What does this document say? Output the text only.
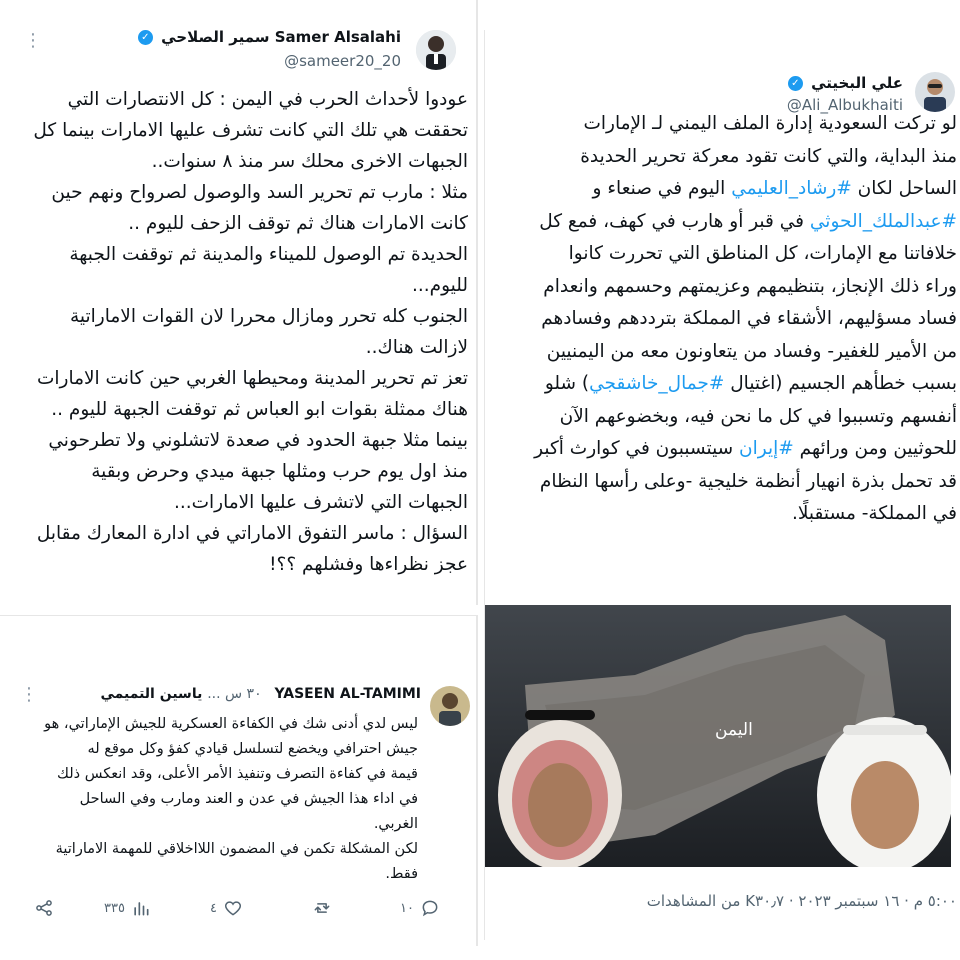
✓ سمير الصلاحي Samer Alsalahi
@sameer20_20
⋮
عودوا لأحداث الحرب في اليمن : كل الانتصارات التي
تحققت هي تلك التي كانت تشرف عليها الامارات بينما كل
الجبهات الاخرى محلك سر منذ ٨ سنوات..
مثلا : مارب تم تحرير السد والوصول لصرواح ونهم حين
كانت الامارات هناك ثم توقف الزحف لليوم ..
الحديدة تم الوصول للميناء والمدينة ثم توقفت الجبهة
لليوم...
الجنوب كله تحرر ومازال محررا لان القوات الاماراتية
لازالت هناك..
تعز تم تحرير المدينة ومحيطها الغربي حين كانت الامارات
هناك ممثلة بقوات ابو العباس ثم توقفت الجبهة لليوم ..
بينما مثلا جبهة الحدود في صعدة لاتشلوني ولا تطرحوني
منذ اول يوم حرب ومثلها جبهة ميدي وحرض وبقية
الجبهات التي لاتشرف عليها الامارات...
السؤال : ماسر التفوق الاماراتي في ادارة المعارك مقابل
عجز نظراءها وفشلهم ؟؟!
٣٠ س ... ياسين التميمي YASEEN AL-TAMIMI
⋮
ليس لدي أدنى شك في الكفاءة العسكرية للجيش الإماراتي، هو
جيش احترافي ويخضع لتسلسل قيادي كفؤ وكل موقع له
قيمة في كفاءة التصرف وتنفيذ الأمر الأعلى، وقد انعكس ذلك
في اداء هذا الجيش في عدن و العند ومارب وفي الساحل
الغربي.
لكن المشكلة تكمن في المضمون اللااخلاقي للمهمة الاماراتية
فقط.
١٠
٤
٣٣٥
✓ علي البخيتي
@Ali_Albukhaiti
لو تركت السعودية إدارة الملف اليمني لـ الإمارات
منذ البداية، والتي كانت تقود معركة تحرير الحديدة
الساحل لكان #رشاد_العليمي اليوم في صنعاء و
#عبدالملك_الحوثي في قبر أو هارب في كهف، فمع كل
خلافاتنا مع الإمارات، كل المناطق التي تحررت كانوا
وراء ذلك الإنجاز، بتنظيمهم وعزيمتهم وحسمهم وانعدام
فساد مسؤليهم، الأشقاء في المملكة بترددهم وفسادهم
من الأمير للغفير- وفساد من يتعاونون معه من اليمنيين
بسبب خطأهم الجسيم (اغتيال #جمال_خاشقجي) شلو
أنفسهم وتسببوا في كل ما نحن فيه، وبخضوعهم الآن
للحوثيين ومن ورائهم #إيران سيتسببون في كوارث أكبر
قد تحمل بذرة انهيار أنظمة خليجية -وعلى رأسها النظام
في المملكة- مستقبلًا.
اليمن
٥:٠٠ م · ١٦ سبتمبر ٢٠٢٣ · K٣٠٫٧ من المشاهدات
